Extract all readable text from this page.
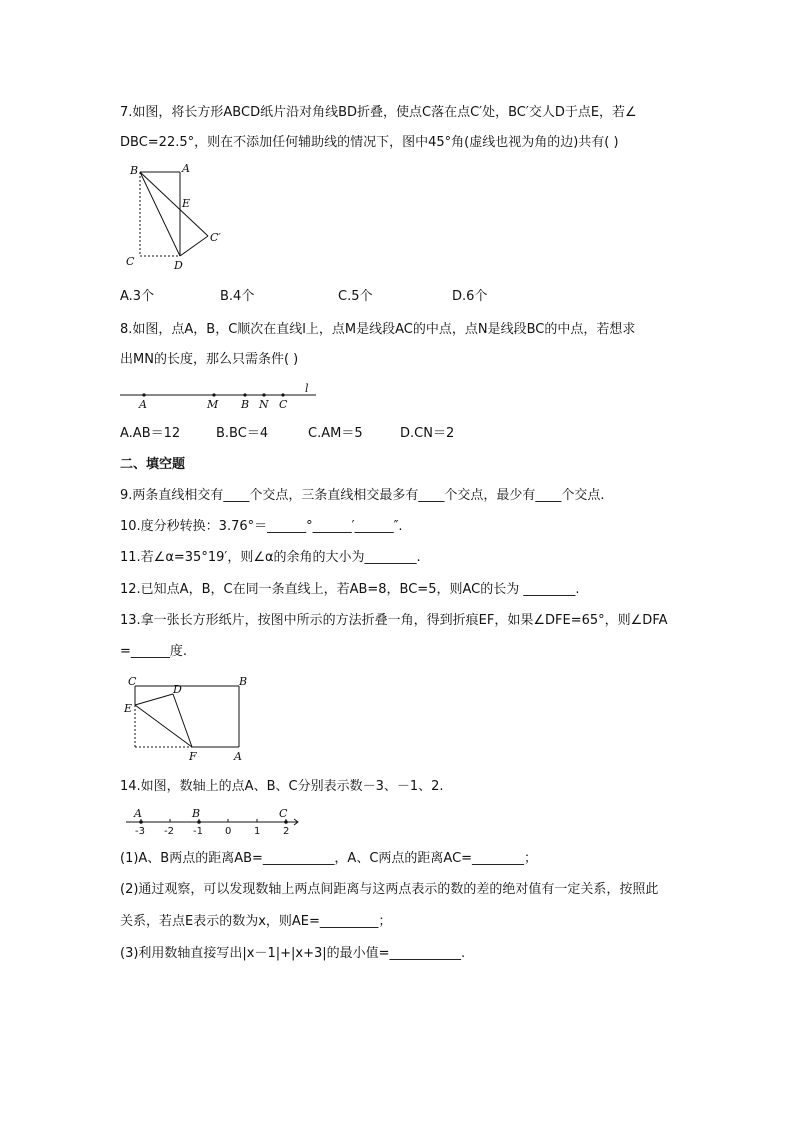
7.如图，将长方形ABCD纸片沿对角线BD折叠，使点C落在点C′处，BC′交人D于点E，若∠
DBC=22.5°，则在不添加任何辅助线的情况下，图中45°角(虚线也视为角的边)共有( )
B	A
E
C′
C	D
A.3个	B.4个	C.5个	D.6个
8.如图，点A，B，C顺次在直线l上，点M是线段AC的中点，点N是线段BC的中点，若想求
出MN的长度，那么只需条件( )
A	M B N C
l
A.AB＝12	B.BC＝4	C.AM＝5	D.CN＝2
二、填空题
9.两条直线相交有____个交点，三条直线相交最多有____个交点，最少有____个交点.
10.度分秒转换：3.76°＝______°______′______″.
11.若∠α=35°19′，则∠α的余角的大小为________.
12.已知点A，B，C在同一条直线上，若AB=8，BC=5，则AC的长为 ________.
13.拿一张长方形纸片，按图中所示的方法折叠一角，得到折痕EF，如果∠DFE=65°，则∠DFA
=______度.
C
D
B
E
F	A
14.如图，数轴上的点A、B、C分别表示数－3、－1、2.
A	B	C
-3 -2 -1 0 1 2
(1)A、B两点的距离AB=___________，A、C两点的距离AC=________；
(2)通过观察，可以发现数轴上两点间距离与这两点表示的数的差的绝对值有一定关系，按照此
关系，若点E表示的数为x，则AE=_________；
(3)利用数轴直接写出|x－1|+|x+3|的最小值=___________.
